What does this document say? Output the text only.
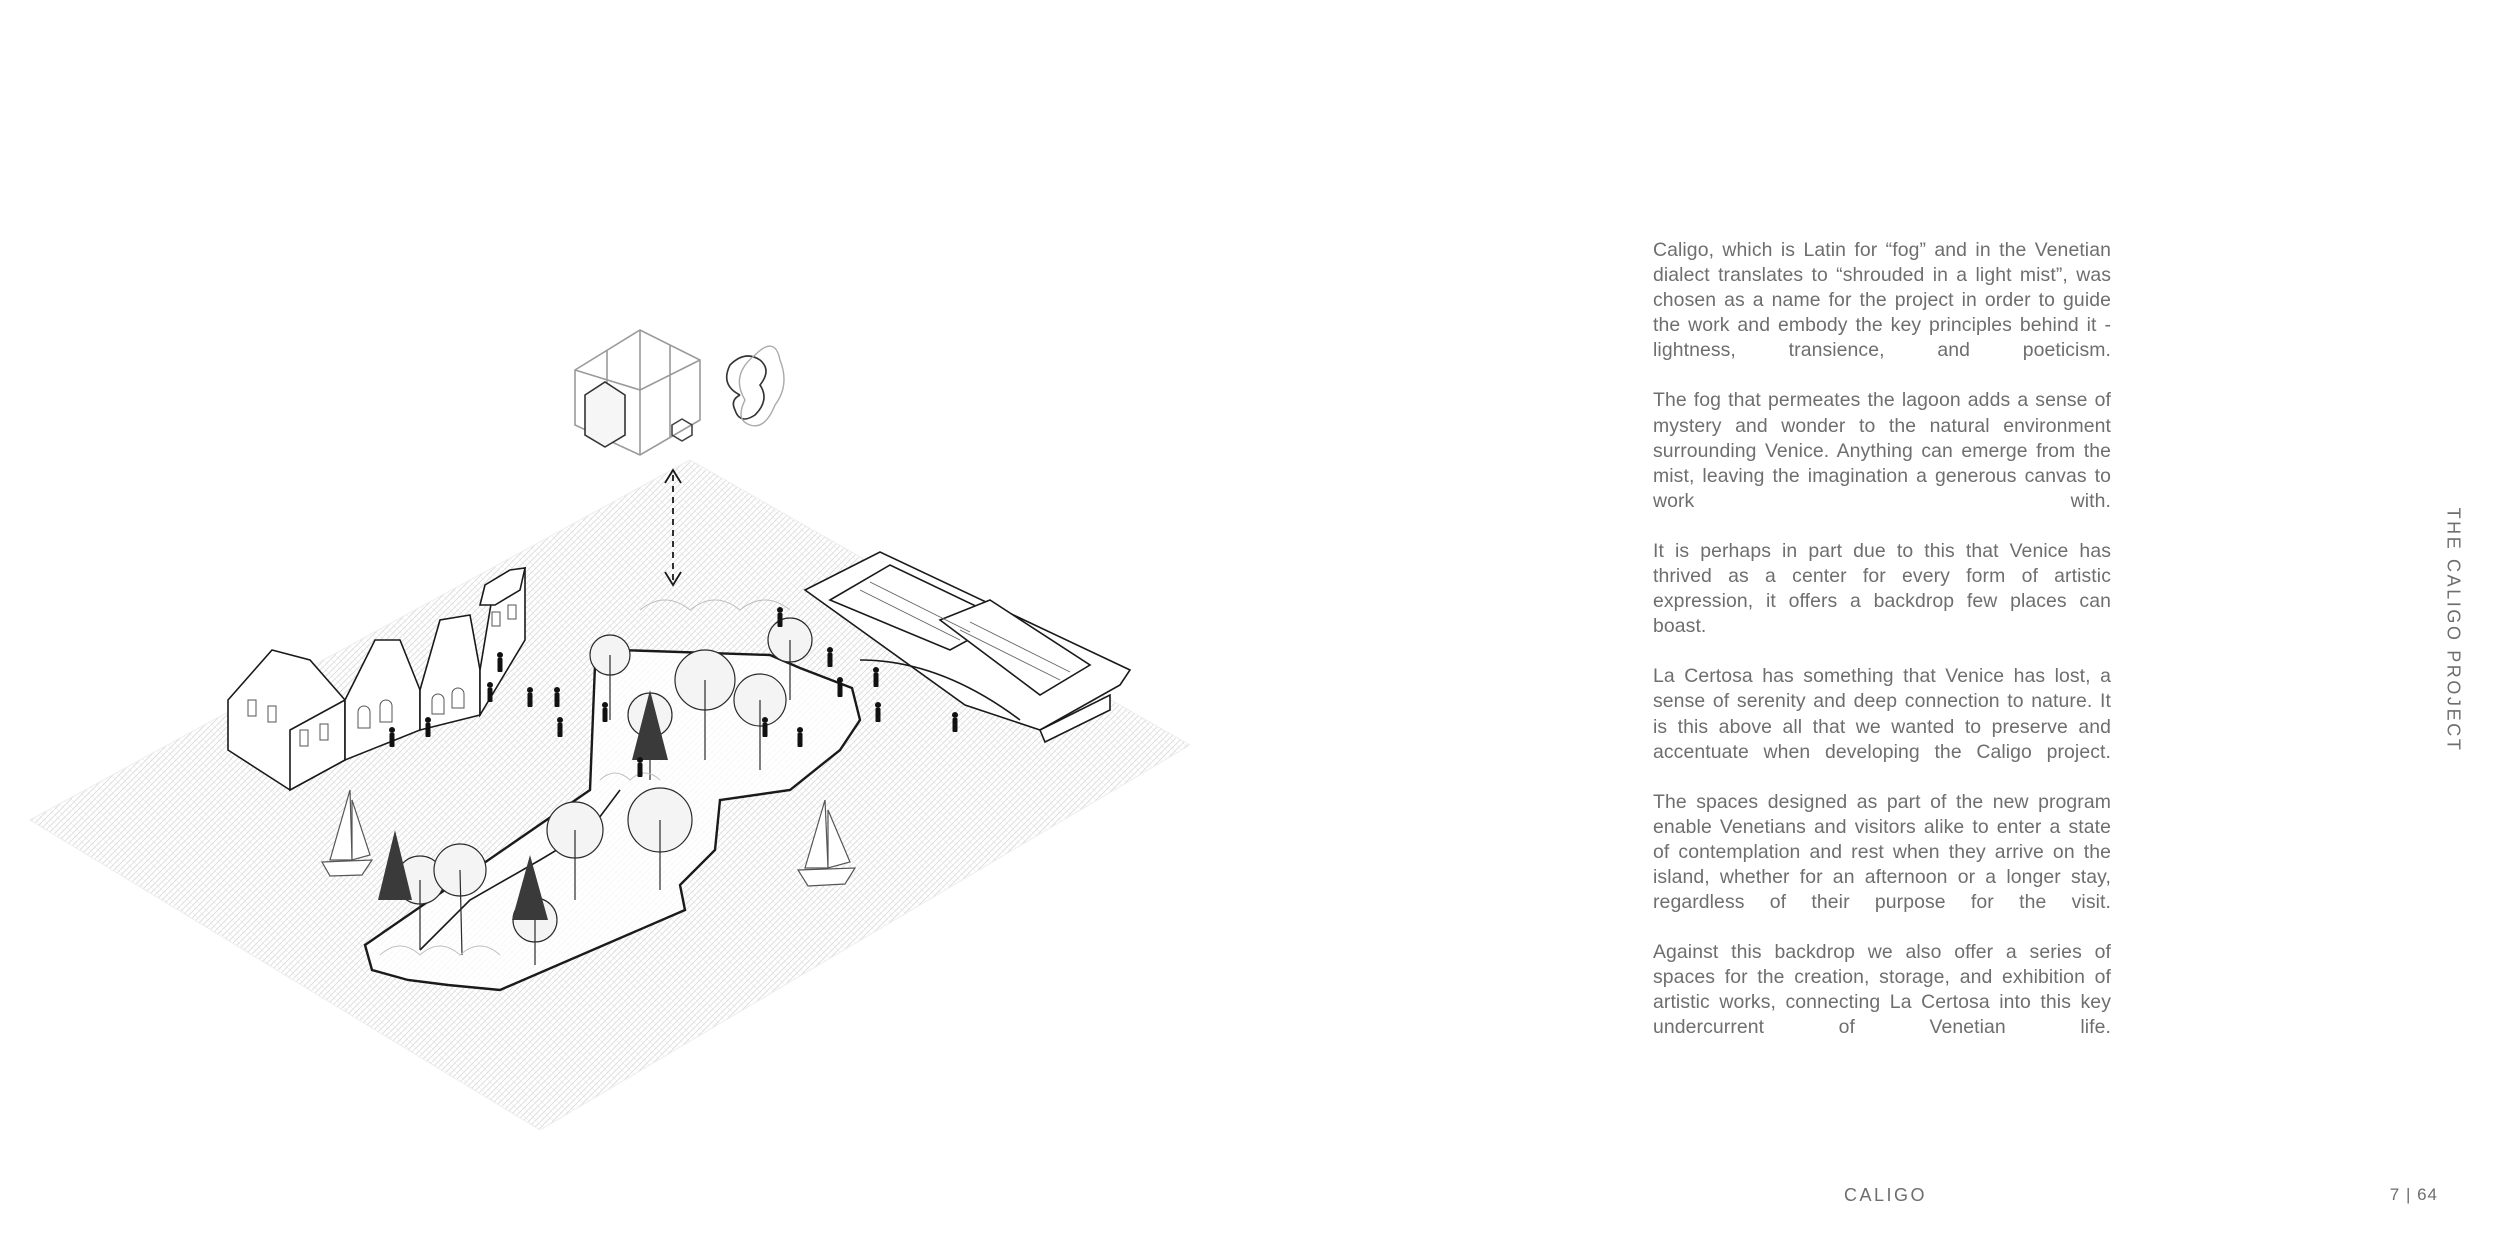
Caligo, which is Latin for “fog” and in the Venetian dialect translates to “shrouded in a light mist”, was chosen as a name for the project in order to guide the work and embody the key principles behind it - lightness, transience, and poeticism.

The fog that permeates the lagoon adds a sense of mystery and wonder to the natural environment surrounding Venice. Anything can emerge from the mist, leaving the imagination a generous canvas to work with.

It is perhaps in part due to this that Venice has thrived as a center for every form of artistic expression, it offers a backdrop few places can boast.

La Certosa has something that Venice has lost, a sense of serenity and deep connection to nature. It is this above all that we wanted to preserve and accentuate when developing the Caligo project.

The spaces designed as part of the new program enable Venetians and visitors alike to enter a state of contemplation and rest when they arrive on the island, whether for an afternoon or a longer stay, regardless of their purpose for the visit.

Against this backdrop we also offer a series of spaces for the creation, storage, and exhibition of artistic works, connecting La Certosa into this key undercurrent of Venetian life.

THE CALIGO PROJECT
CALIGO	7 | 64
